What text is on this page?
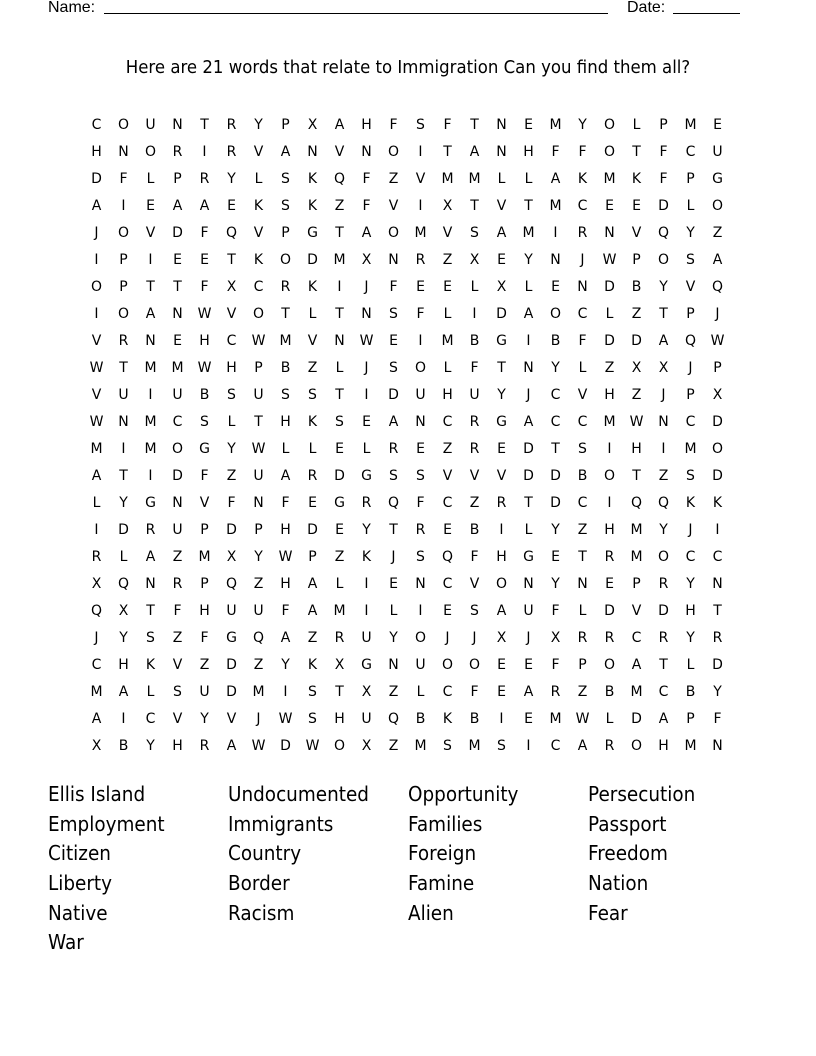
Name:	Date:
Here are 21 words that relate to Immigration Can you find them all?
C	O	U	N	T	R	Y	P	X	A	H	F	S	F	T	N	E	M	Y	O	L	P	M	E
H	N	O	R	I	R	V	A	N	V	N	O	I	T	A	N	H	F	F	O	T	F	C	U
D	F	L	P	R	Y	L	S	K	Q	F	Z	V	M	M	L	L	A	K	M	K	F	P	G
A	I	E	A	A	E	K	S	K	Z	F	V	I	X	T	V	T	M	C	E	E	D	L	O
J	O	V	D	F	Q	V	P	G	T	A	O	M	V	S	A	M	I	R	N	V	Q	Y	Z
I	P	I	E	E	T	K	O	D	M	X	N	R	Z	X	E	Y	N	J	W	P	O	S	A
O	P	T	T	F	X	C	R	K	I	J	F	E	E	L	X	L	E	N	D	B	Y	V	Q
I	O	A	N	W	V	O	T	L	T	N	S	F	L	I	D	A	O	C	L	Z	T	P	J
V	R	N	E	H	C	W	M	V	N	W	E	I	M	B	G	I	B	F	D	D	A	Q	W
W	T	M	M	W	H	P	B	Z	L	J	S	O	L	F	T	N	Y	L	Z	X	X	J	P
V	U	I	U	B	S	U	S	S	T	I	D	U	H	U	Y	J	C	V	H	Z	J	P	X
W	N	M	C	S	L	T	H	K	S	E	A	N	C	R	G	A	C	C	M	W	N	C	D
M	I	M	O	G	Y	W	L	L	E	L	R	E	Z	R	E	D	T	S	I	H	I	M	O
A	T	I	D	F	Z	U	A	R	D	G	S	S	V	V	V	D	D	B	O	T	Z	S	D
L	Y	G	N	V	F	N	F	E	G	R	Q	F	C	Z	R	T	D	C	I	Q	Q	K	K
I	D	R	U	P	D	P	H	D	E	Y	T	R	E	B	I	L	Y	Z	H	M	Y	J	I
R	L	A	Z	M	X	Y	W	P	Z	K	J	S	Q	F	H	G	E	T	R	M	O	C	C
X	Q	N	R	P	Q	Z	H	A	L	I	E	N	C	V	O	N	Y	N	E	P	R	Y	N
Q	X	T	F	H	U	U	F	A	M	I	L	I	E	S	A	U	F	L	D	V	D	H	T
J	Y	S	Z	F	G	Q	A	Z	R	U	Y	O	J	J	X	J	X	R	R	C	R	Y	R
C	H	K	V	Z	D	Z	Y	K	X	G	N	U	O	O	E	E	F	P	O	A	T	L	D
M	A	L	S	U	D	M	I	S	T	X	Z	L	C	F	E	A	R	Z	B	M	C	B	Y
A	I	C	V	Y	V	J	W	S	H	U	Q	B	K	B	I	E	M	W	L	D	A	P	F
X	B	Y	H	R	A	W	D	W	O	X	Z	M	S	M	S	I	C	A	R	O	H	M	N
Ellis Island	Undocumented	Opportunity	Persecution
Employment	Immigrants	Families	Passport
Citizen	Country	Foreign	Freedom
Liberty	Border	Famine	Nation
Native	Racism	Alien	Fear
War
